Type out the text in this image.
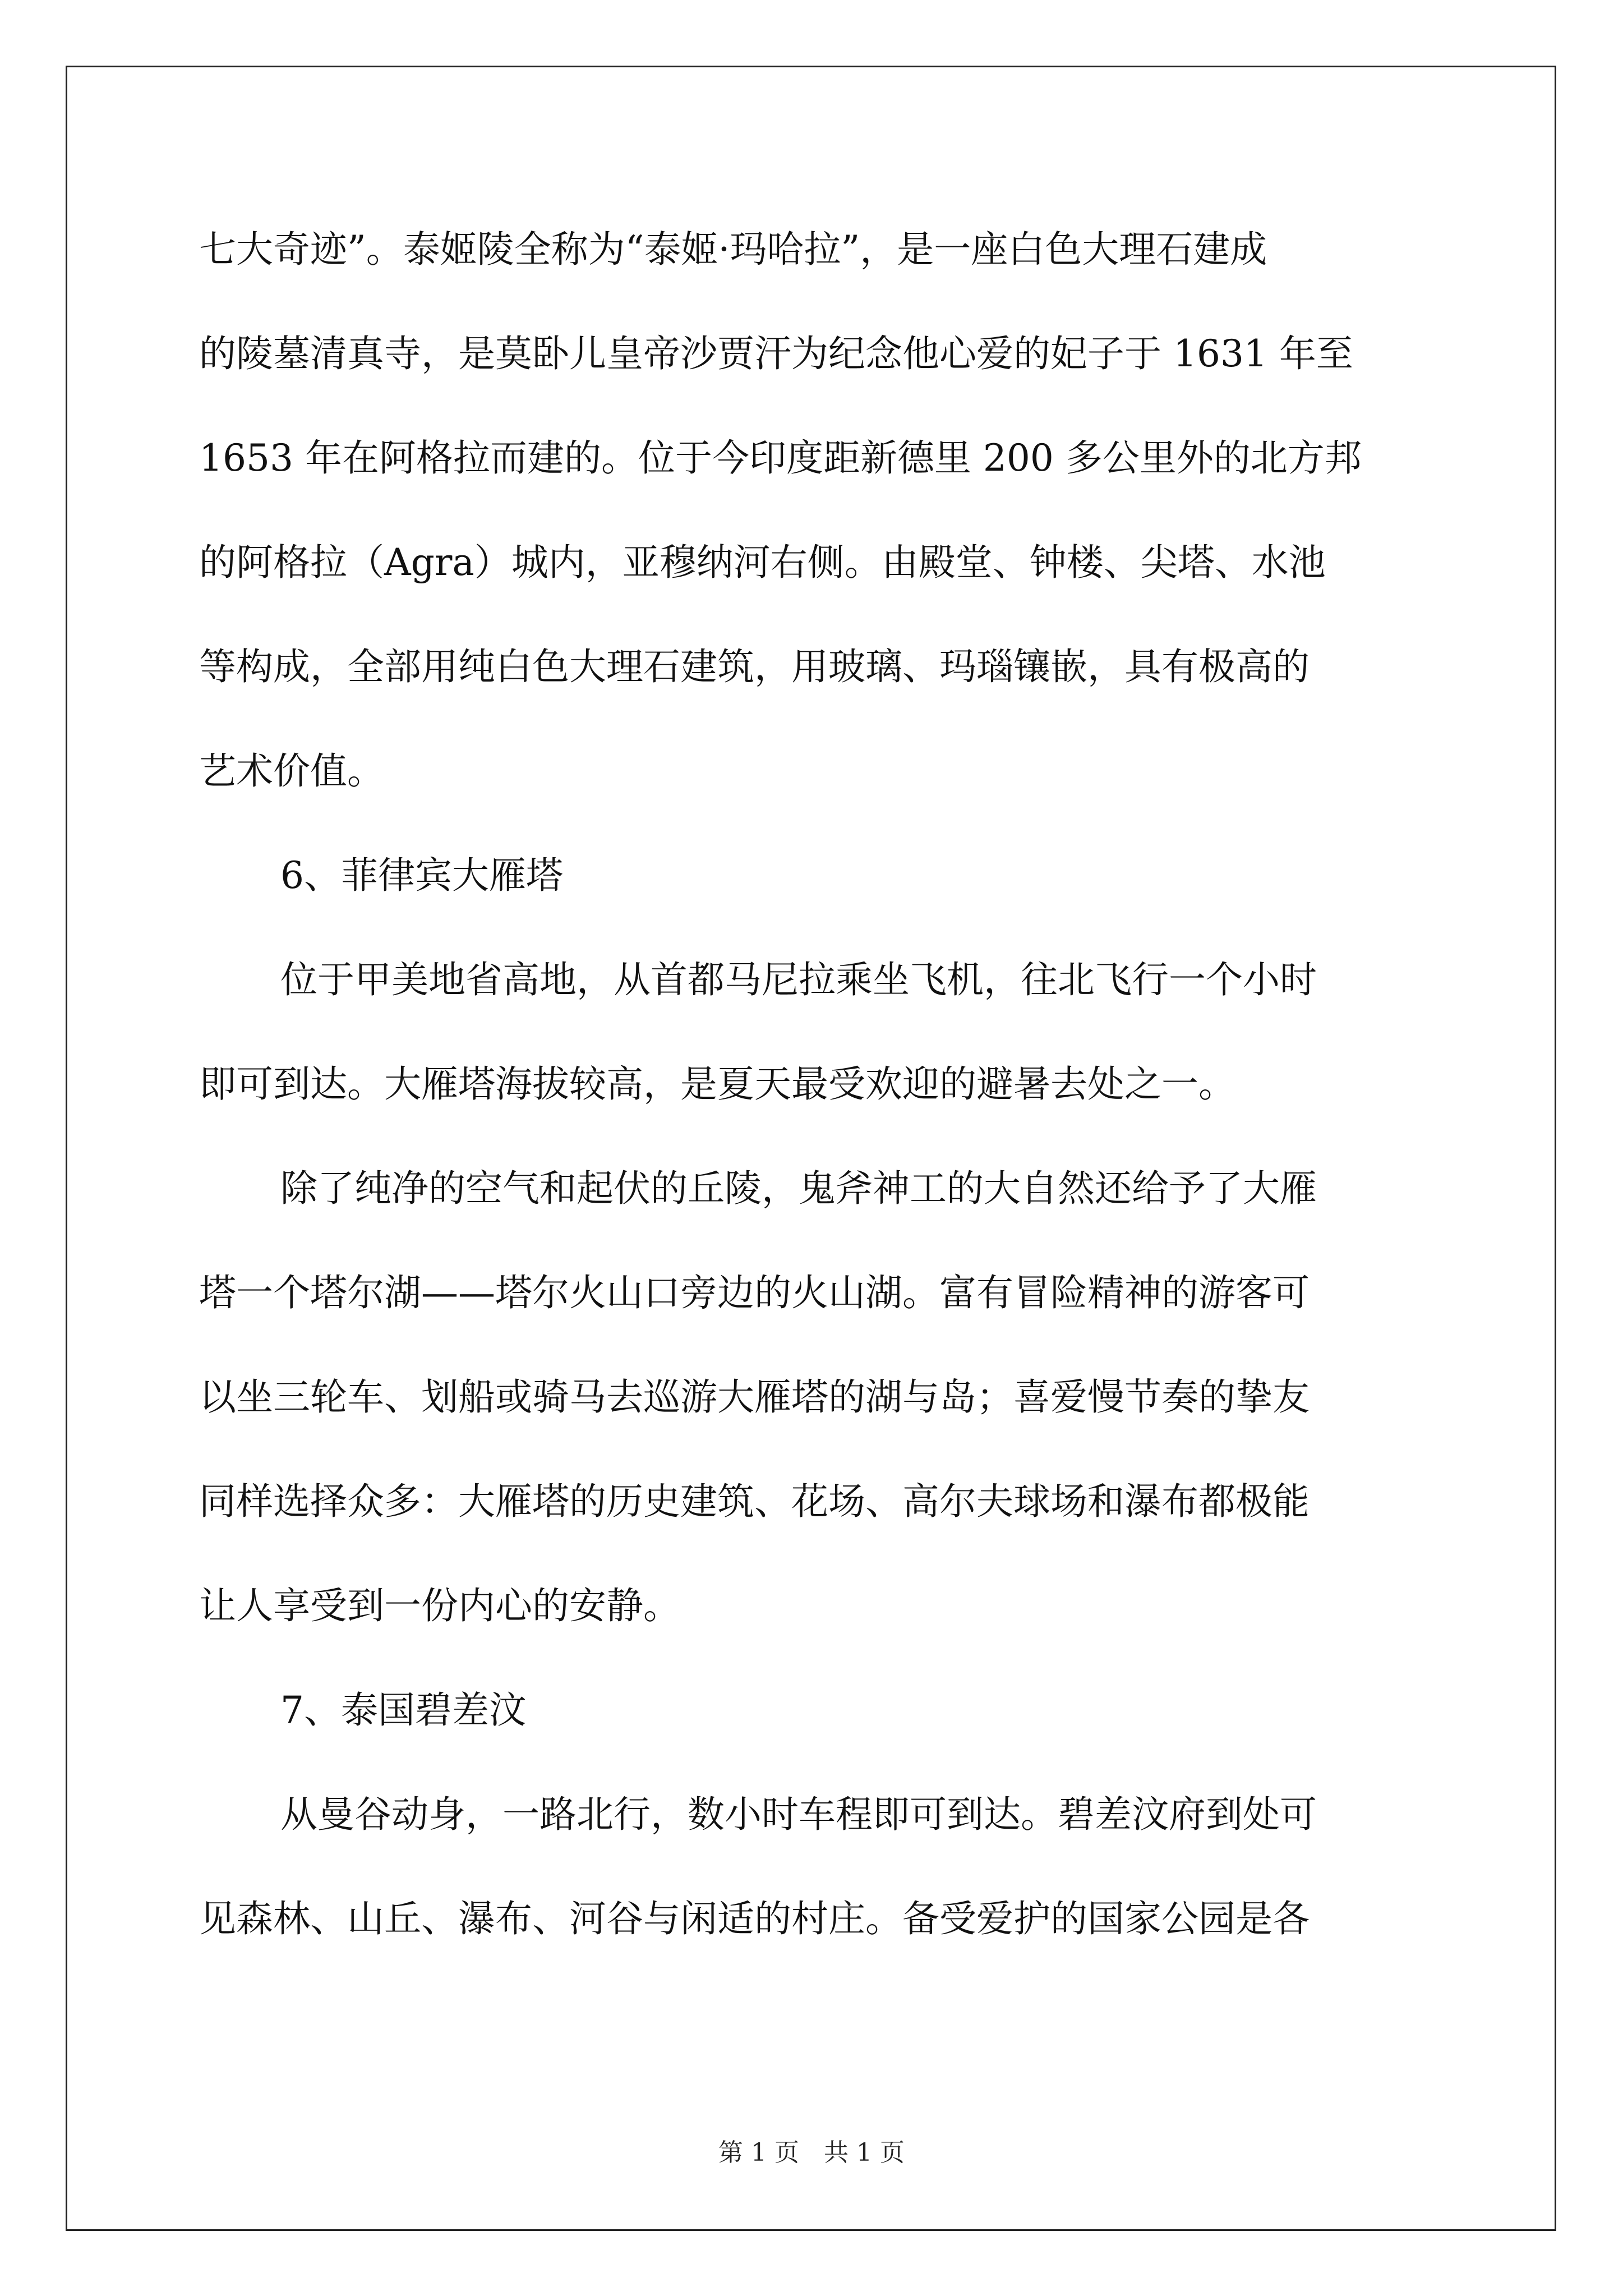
七大奇迹”。泰姬陵全称为“泰姬·玛哈拉”，是一座白色大理石建成
的陵墓清真寺，是莫卧儿皇帝沙贾汗为纪念他心爱的妃子于 1631 年至
1653 年在阿格拉而建的。位于今印度距新德里 200 多公里外的北方邦
的阿格拉（Agra）城内，亚穆纳河右侧。由殿堂、钟楼、尖塔、水池
等构成，全部用纯白色大理石建筑，用玻璃、玛瑙镶嵌，具有极高的
艺术价值。
6、菲律宾大雁塔
位于甲美地省高地，从首都马尼拉乘坐飞机，往北飞行一个小时
即可到达。大雁塔海拔较高，是夏天最受欢迎的避暑去处之一。
除了纯净的空气和起伏的丘陵，鬼斧神工的大自然还给予了大雁
塔一个塔尔湖——塔尔火山口旁边的火山湖。富有冒险精神的游客可
以坐三轮车、划船或骑马去巡游大雁塔的湖与岛；喜爱慢节奏的挚友
同样选择众多：大雁塔的历史建筑、花场、高尔夫球场和瀑布都极能
让人享受到一份内心的安静。
7、泰国碧差汶
从曼谷动身，一路北行，数小时车程即可到达。碧差汶府到处可
见森林、山丘、瀑布、河谷与闲适的村庄。备受爱护的国家公园是各
第 1 页　共 1 页
